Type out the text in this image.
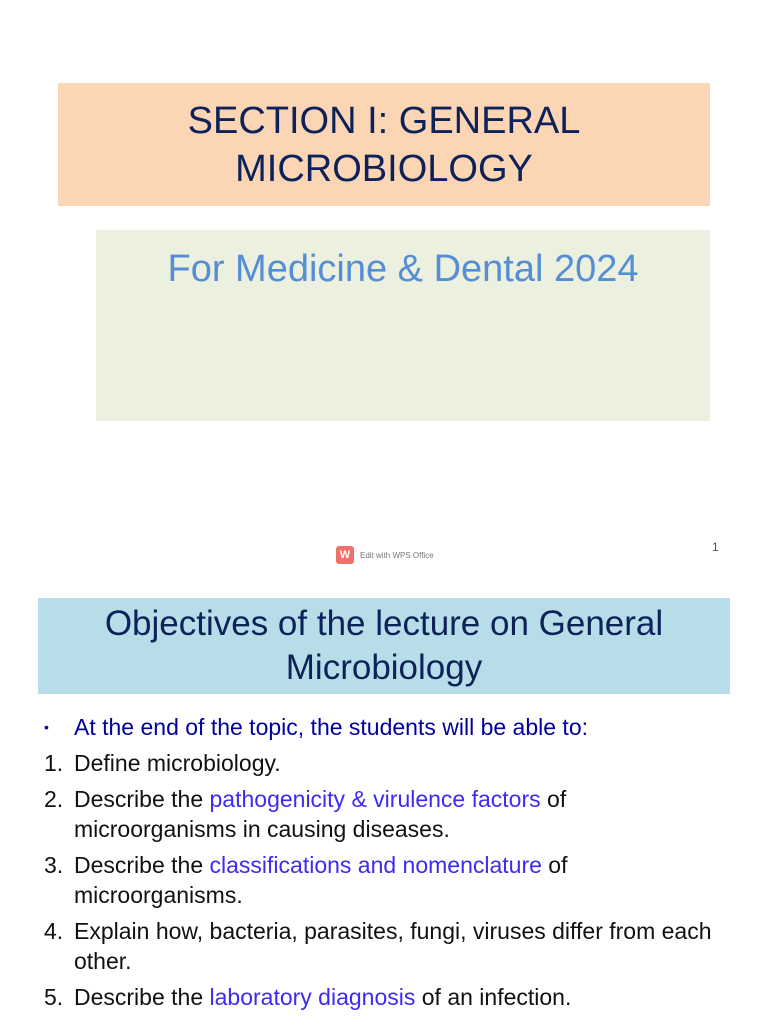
SECTION I: GENERAL MICROBIOLOGY
For Medicine & Dental 2024
W	Edit with WPS Office
1
Objectives of the lecture on General Microbiology
•	At the end of the topic, the students will be able to:
1. Define microbiology.
2. Describe the pathogenicity & virulence factors of microorganisms in causing diseases.
3. Describe the classifications and nomenclature of microorganisms.
4. Explain how, bacteria, parasites, fungi, viruses differ from each other.
5. Describe the laboratory diagnosis of an infection.
